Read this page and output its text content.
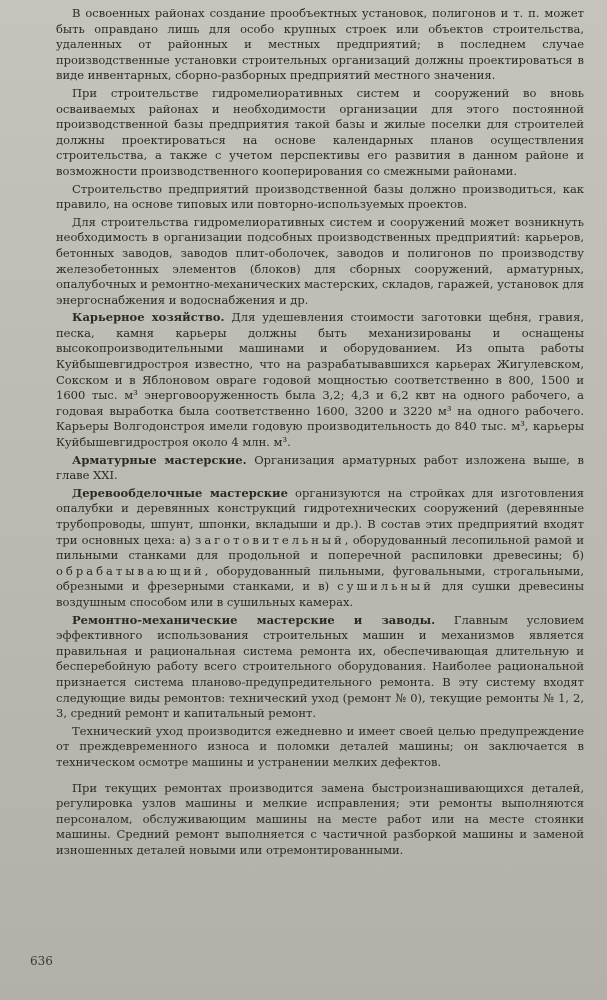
В освоенных районах создание прообъектных установок, полигонов и т. п. может быть оправдано лишь для особо крупных строек или объектов строительства, удаленных от районных и местных предприятий; в последнем случае производственные установки строительных организаций должны проектироваться в виде инвентарных, сборно-разборных предприятий местного значения.

При строительстве гидромелиоративных систем и сооружений во вновь осваиваемых районах и необходимости организации для этого постоянной производственной базы предприятия такой базы и жилые поселки для строителей должны проектироваться на основе календарных планов осуществления строительства, а также с учетом перспективы его развития в данном районе и возможности производственного кооперирования со смежными районами.

Строительство предприятий производственной базы должно производиться, как правило, на основе типовых или повторно-используемых проектов.

Для строительства гидромелиоративных систем и сооружений может возникнуть необходимость в организации подсобных производственных предприятий: карьеров, бетонных заводов, заводов плит-оболочек, заводов и полигонов по производству железобетонных элементов (блоков) для сборных сооружений, арматурных, опалубочных и ремонтно-механических мастерских, складов, гаражей, установок для энергоснабжения и водоснабжения и др.

Карьерное хозяйство. Для удешевления стоимости заготовки щебня, гравия, песка, камня карьеры должны быть механизированы и оснащены высокопроизводительными машинами и оборудованием. Из опыта работы Куйбышевгидростроя известно, что на разрабатывавшихся карьерах Жигулевском, Сокском и в Яблоновом овраге годовой мощностью соответственно в 800, 1500 и 1600 тыс. м³ энерговооруженность была 3,2; 4,3 и 6,2 квт на одного рабочего, а годовая выработка была соответственно 1600, 3200 и 3220 м³ на одного рабочего. Карьеры Волгодонстроя имели годовую производительность до 840 тыс. м³, карьеры Куйбышевгидростроя около 4 млн. м³.

Арматурные мастерские. Организация арматурных работ изложена выше, в главе XXI.

Деревообделочные мастерские организуются на стройках для изготовления опалубки и деревянных конструкций гидротехнических сооружений (деревянные трубопроводы, шпунт, шпонки, вкладыши и др.). В состав этих предприятий входят три основных цеха: а) заготовительный, оборудованный лесопильной рамой и пильными станками для продольной и поперечной распиловки древесины; б) обрабатывающий, оборудованный пильными, фуговальными, строгальными, обрезными и фрезерными станками, и в) сушильный для сушки древесины воздушным способом или в сушильных камерах.

Ремонтно-механические мастерские и заводы. Главным условием эффективного использования строительных машин и механизмов является правильная и рациональная система ремонта их, обеспечивающая длительную и бесперебойную работу всего строительного оборудования. Наиболее рациональной признается система планово-предупредительного ремонта. В эту систему входят следующие виды ремонтов: технический уход (ремонт № 0), текущие ремонты № 1, 2, 3, средний ремонт и капитальный ремонт.

Технический уход производится ежедневно и имеет своей целью предупреждение от преждевременного износа и поломки деталей машины; он заключается в техническом осмотре машины и устранении мелких дефектов.

При текущих ремонтах производится замена быстроизнашивающихся деталей, регулировка узлов машины и мелкие исправления; эти ремонты выполняются персоналом, обслуживающим машины на месте работ или на месте стоянки машины. Средний ремонт выполняется с частичной разборкой машины и заменой изношенных деталей новыми или отремонтированными.

636
